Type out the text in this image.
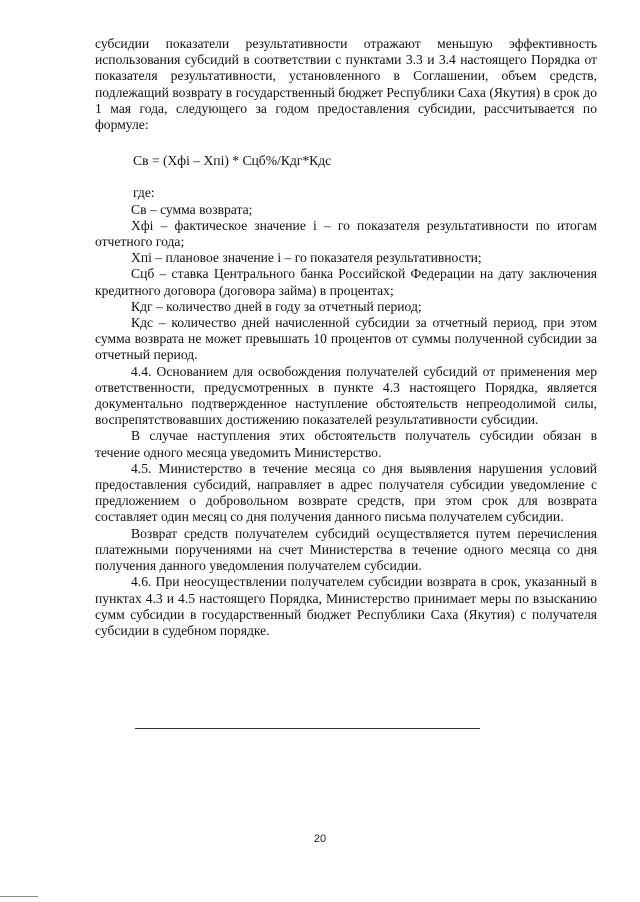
субсидии показатели результативности отражают меньшую эффективность использования субсидий в соответствии с пунктами 3.3 и 3.4 настоящего Порядка от показателя результативности, установленного в Соглашении, объем средств, подлежащий возврату в государственный бюджет Республики Саха (Якутия) в срок до 1 мая года, следующего за годом предоставления субсидии, рассчитывается по формуле:

Св = (Хфi – Хпi) * Сцб%/Кдг*Кдс

где:

Св – сумма возврата;

Хфi – фактическое значение i – го показателя результативности по итогам отчетного года;

Хпi – плановое значение i – го показателя результативности;

Сцб – ставка Центрального банка Российской Федерации на дату заключения кредитного договора (договора займа) в процентах;

Кдг – количество дней в году за отчетный период;

Кдс – количество дней начисленной субсидии за отчетный период, при этом сумма возврата не может превышать 10 процентов от суммы полученной субсидии за отчетный период.

4.4. Основанием для освобождения получателей субсидий от применения мер ответственности, предусмотренных в пункте 4.3 настоящего Порядка, является документально подтвержденное наступление обстоятельств непреодолимой силы, воспрепятствовавших достижению показателей результативности субсидии.

В случае наступления этих обстоятельств получатель субсидии обязан в течение одного месяца уведомить Министерство.

4.5. Министерство в течение месяца со дня выявления нарушения условий предоставления субсидий, направляет в адрес получателя субсидии уведомление с предложением о добровольном возврате средств, при этом срок для возврата составляет один месяц со дня получения данного письма получателем субсидии.

Возврат средств получателем субсидий осуществляется путем перечисления платежными поручениями на счет Министерства в течение одного месяца со дня получения данного уведомления получателем субсидии.

4.6. При неосуществлении получателем субсидии возврата в срок, указанный в пунктах 4.3 и 4.5 настоящего Порядка, Министерство принимает меры по взысканию сумм субсидии в государственный бюджет Республики Саха (Якутия) с получателя субсидии в судебном порядке.

20
